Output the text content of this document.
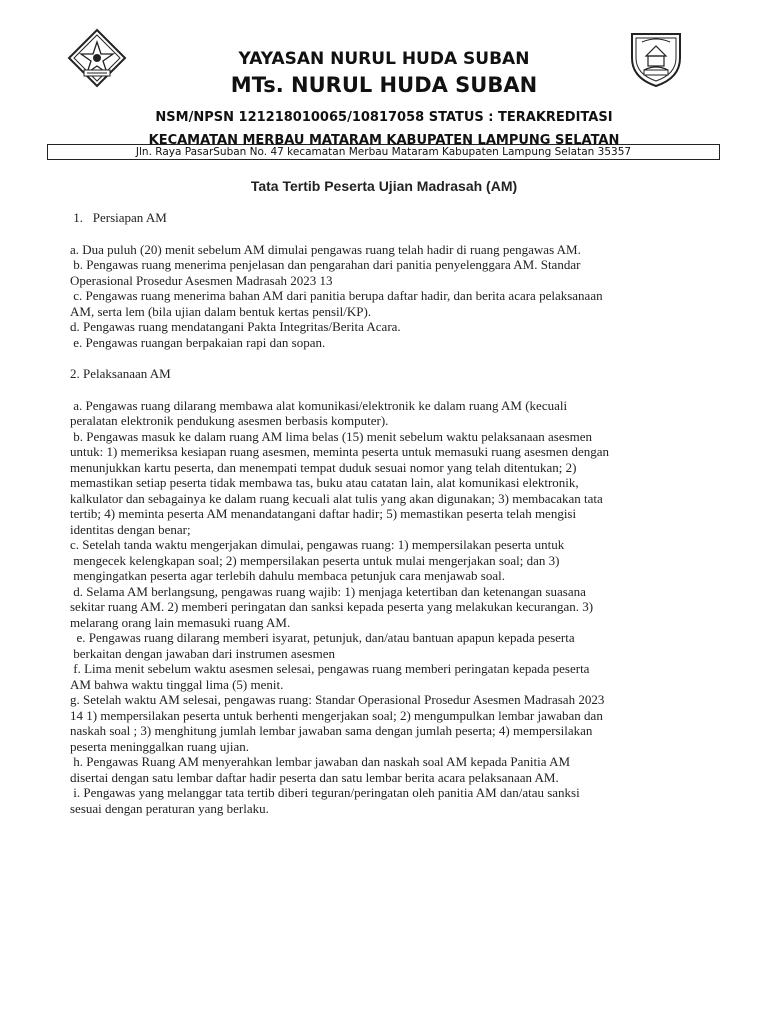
YAYASAN NURUL HUDA SUBAN
MTs. NURUL HUDA SUBAN
NSM/NPSN 121218010065/10817058 STATUS : TERAKREDITASI
KECAMATAN MERBAU MATARAM KABUPATEN LAMPUNG SELATAN
Jln. Raya PasarSuban No. 47 kecamatan Merbau Mataram Kabupaten Lampung Selatan 35357
Tata Tertib Peserta Ujian Madrasah (AM)

1.   Persiapan AM

a. Dua puluh (20) menit sebelum AM dimulai pengawas ruang telah hadir di ruang pengawas AM.

b. Pengawas ruang menerima penjelasan dan pengarahan dari panitia penyelenggara AM. Standar

Operasional Prosedur Asesmen Madrasah 2023 13

c. Pengawas ruang menerima bahan AM dari panitia berupa daftar hadir, dan berita acara pelaksanaan

AM, serta lem (bila ujian dalam bentuk kertas pensil/KP).

d. Pengawas ruang mendatangani Pakta Integritas/Berita Acara.

e. Pengawas ruangan berpakaian rapi dan sopan.

2. Pelaksanaan AM

a. Pengawas ruang dilarang membawa alat komunikasi/elektronik ke dalam ruang AM (kecuali

peralatan elektronik pendukung asesmen berbasis komputer).

b. Pengawas masuk ke dalam ruang AM lima belas (15) menit sebelum waktu pelaksanaan asesmen

untuk: 1) memeriksa kesiapan ruang asesmen, meminta peserta untuk memasuki ruang asesmen dengan

menunjukkan kartu peserta, dan menempati tempat duduk sesuai nomor yang telah ditentukan; 2)

memastikan setiap peserta tidak membawa tas, buku atau catatan lain, alat komunikasi elektronik,

kalkulator dan sebagainya ke dalam ruang kecuali alat tulis yang akan digunakan; 3) membacakan tata

tertib; 4) meminta peserta AM menandatangani daftar hadir; 5) memastikan peserta telah mengisi

identitas dengan benar;

c. Setelah tanda waktu mengerjakan dimulai, pengawas ruang: 1) mempersilakan peserta untuk

mengecek kelengkapan soal; 2) mempersilakan peserta untuk mulai mengerjakan soal; dan 3)

mengingatkan peserta agar terlebih dahulu membaca petunjuk cara menjawab soal.

d. Selama AM berlangsung, pengawas ruang wajib: 1) menjaga ketertiban dan ketenangan suasana

sekitar ruang AM. 2) memberi peringatan dan sanksi kepada peserta yang melakukan kecurangan. 3)

melarang orang lain memasuki ruang AM.

e. Pengawas ruang dilarang memberi isyarat, petunjuk, dan/atau bantuan apapun kepada peserta

berkaitan dengan jawaban dari instrumen asesmen

f. Lima menit sebelum waktu asesmen selesai, pengawas ruang memberi peringatan kepada peserta

AM bahwa waktu tinggal lima (5) menit.

g. Setelah waktu AM selesai, pengawas ruang: Standar Operasional Prosedur Asesmen Madrasah 2023

14 1) mempersilakan peserta untuk berhenti mengerjakan soal; 2) mengumpulkan lembar jawaban dan

naskah soal ; 3) menghitung jumlah lembar jawaban sama dengan jumlah peserta; 4) mempersilakan

peserta meninggalkan ruang ujian.

h. Pengawas Ruang AM menyerahkan lembar jawaban dan naskah soal AM kepada Panitia AM

disertai dengan satu lembar daftar hadir peserta dan satu lembar berita acara pelaksanaan AM.

i. Pengawas yang melanggar tata tertib diberi teguran/peringatan oleh panitia AM dan/atau sanksi

sesuai dengan peraturan yang berlaku.
